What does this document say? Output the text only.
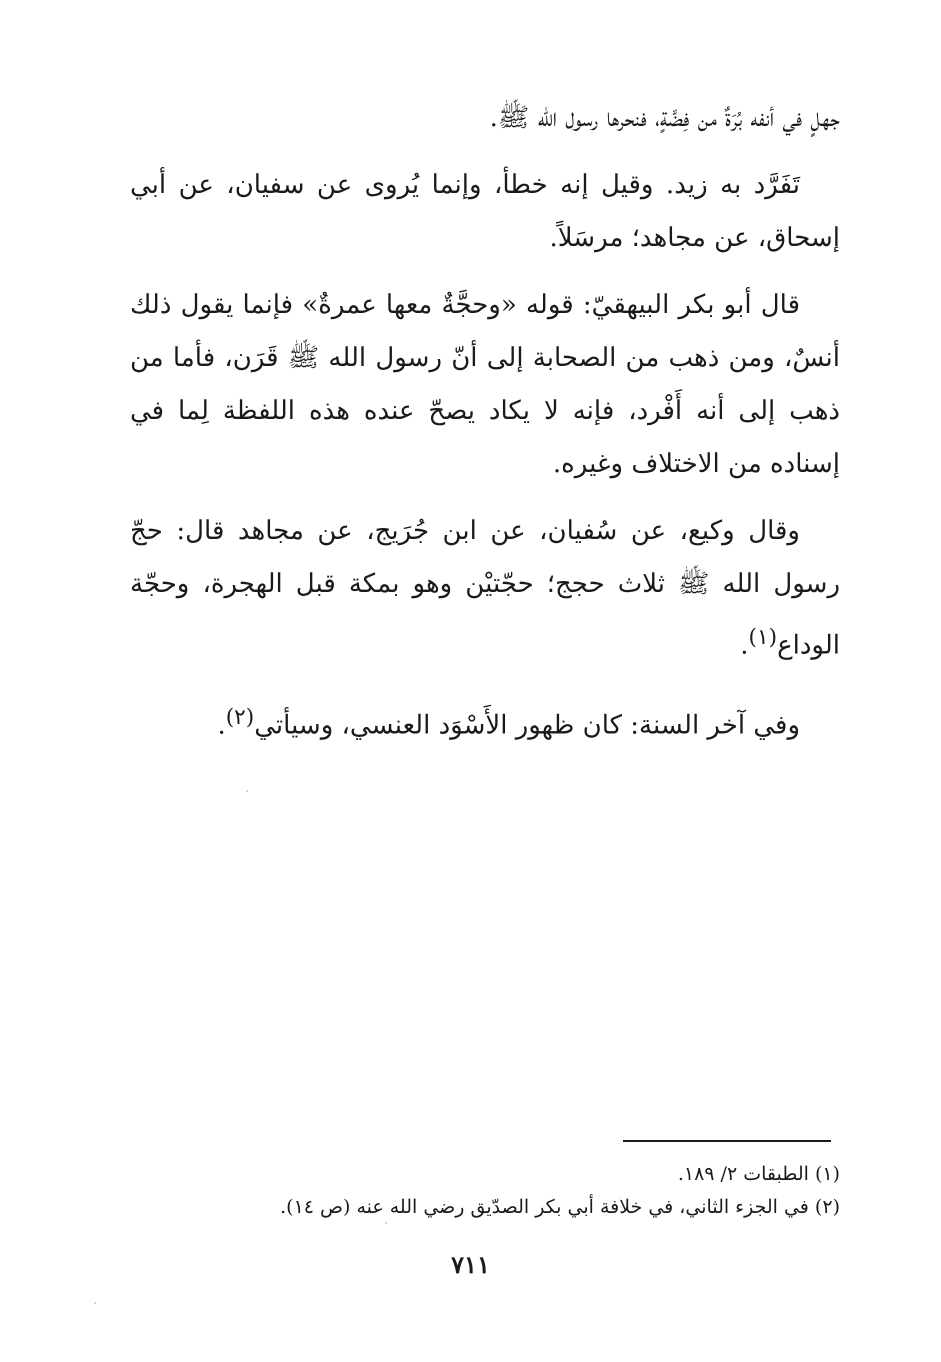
جهلٍ في أنفه بُرَةٌ من فِضَّةٍ، فنحرها رسول الله ﷺ.

تَفَرَّد به زيد. وقيل إنه خطأ، وإنما يُروى عن سفيان، عن أبي إسحاق، عن مجاهد؛ مرسَلاً.

قال أبو بكر البيهقيّ: قوله «وحجَّةٌ معها عمرةٌ» فإنما يقول ذلك أنسٌ، ومن ذهب من الصحابة إلى أنّ رسول الله ﷺ قَرَن، فأما من ذهب إلى أنه أَفْرد، فإنه لا يكاد يصحّ عنده هذه اللفظة لِما في إسناده من الاختلاف وغيره.

وقال وكيع، عن سُفيان، عن ابن جُرَيج، عن مجاهد قال: حجّ رسول الله ﷺ ثلاث حجج؛ حجّتيْن وهو بمكة قبل الهجرة، وحجّة الوداع$^{(١)}$.

وفي آخر السنة: كان ظهور الأَسْوَد العنسي، وسيأتي$^{(٢)}$.

(١) الطبقات ٢/ ١٨٩.

(٢) في الجزء الثاني، في خلافة أبي بكر الصدّيق رضي الله عنه (ص ١٤).

٧١١
